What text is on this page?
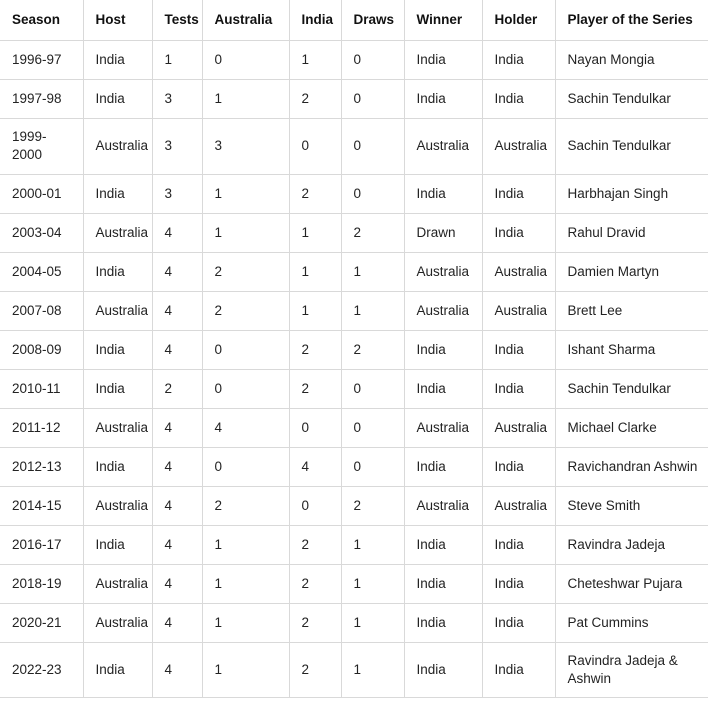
Season	Host	Tests	Australia	India	Draws	Winner	Holder	Player of the Series
1996-97	India	1	0	1	0	India	India	Nayan Mongia
1997-98	India	3	1	2	0	India	India	Sachin Tendulkar
1999-2000	Australia	3	3	0	0	Australia	Australia	Sachin Tendulkar
2000-01	India	3	1	2	0	India	India	Harbhajan Singh
2003-04	Australia	4	1	1	2	Drawn	India	Rahul Dravid
2004-05	India	4	2	1	1	Australia	Australia	Damien Martyn
2007-08	Australia	4	2	1	1	Australia	Australia	Brett Lee
2008-09	India	4	0	2	2	India	India	Ishant Sharma
2010-11	India	2	0	2	0	India	India	Sachin Tendulkar
2011-12	Australia	4	4	0	0	Australia	Australia	Michael Clarke
2012-13	India	4	0	4	0	India	India	Ravichandran Ashwin
2014-15	Australia	4	2	0	2	Australia	Australia	Steve Smith
2016-17	India	4	1	2	1	India	India	Ravindra Jadeja
2018-19	Australia	4	1	2	1	India	India	Cheteshwar Pujara
2020-21	Australia	4	1	2	1	India	India	Pat Cummins
2022-23	India	4	1	2	1	India	India	Ravindra Jadeja & Ashwin
